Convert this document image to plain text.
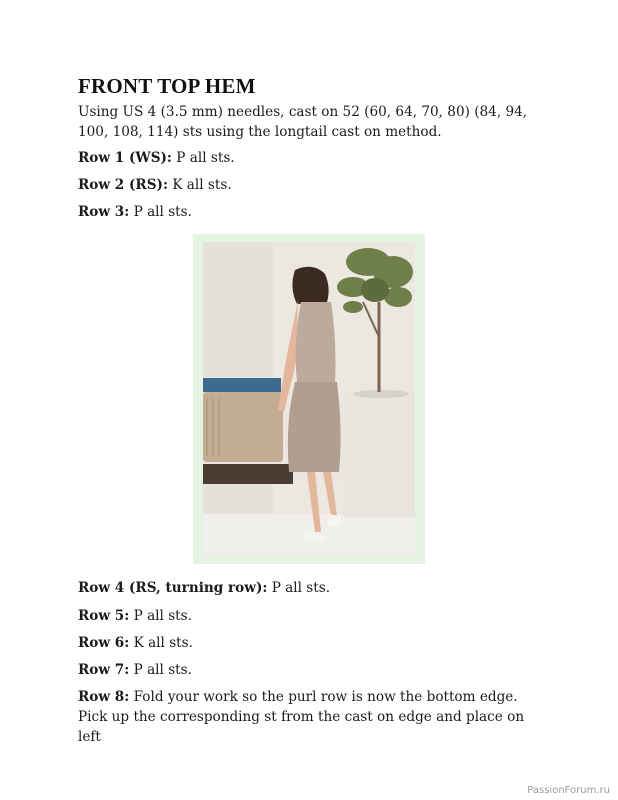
FRONT TOP HEM

Using US 4 (3.5 mm) needles, cast on 52 (60, 64, 70, 80) (84, 94, 100, 108, 114) sts using the longtail cast on method.

Row 1 (WS): P all sts.

Row 2 (RS): K all sts.

Row 3: P all sts.

Row 4 (RS, turning row): P all sts.

Row 5: P all sts.

Row 6: K all sts.

Row 7: P all sts.

Row 8: Fold your work so the purl row is now the bottom edge. Pick up the corresponding st from the cast on edge and place on left

PassionForum.ru
